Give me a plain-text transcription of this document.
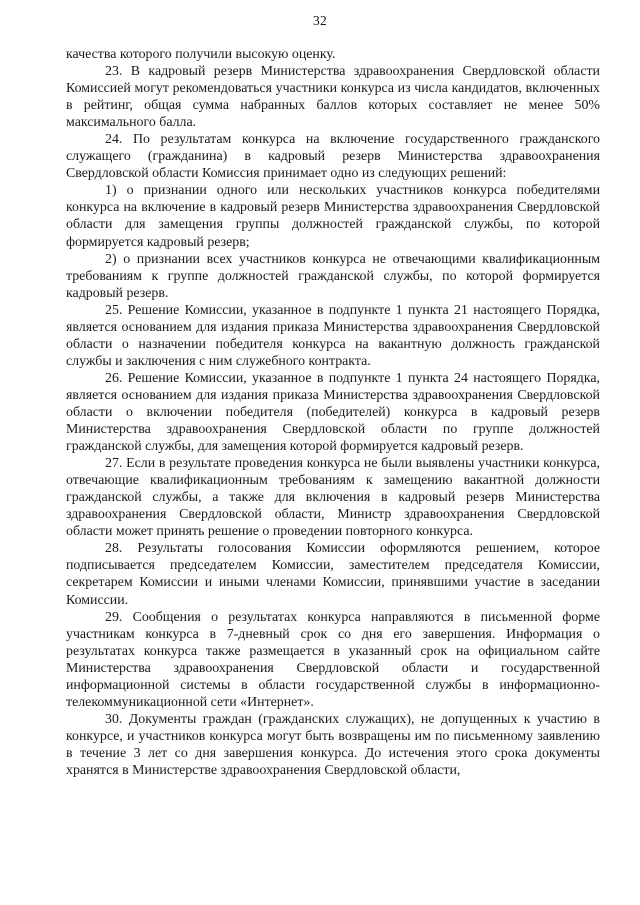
32

качества которого получили высокую оценку.

23. В кадровый резерв Министерства здравоохранения Свердловской области Комиссией могут рекомендоваться участники конкурса из числа кандидатов, включенных в рейтинг, общая сумма набранных баллов которых составляет не менее 50% максимального балла.

24. По результатам конкурса на включение государственного гражданского служащего (гражданина) в кадровый резерв Министерства здравоохранения Свердловской области Комиссия принимает одно из следующих решений:

1) о признании одного или нескольких участников конкурса победителями конкурса на включение в кадровый резерв Министерства здравоохранения Свердловской области для замещения группы должностей гражданской службы, по которой формируется кадровый резерв;

2) о признании всех участников конкурса не отвечающими квалификационным требованиям к группе должностей гражданской службы, по которой формируется кадровый резерв.

25. Решение Комиссии, указанное в подпункте 1 пункта 21 настоящего Порядка, является основанием для издания приказа Министерства здравоохранения Свердловской области о назначении победителя конкурса на вакантную должность гражданской службы и заключения с ним служебного контракта.

26. Решение Комиссии, указанное в подпункте 1 пункта 24 настоящего Порядка, является основанием для издания приказа Министерства здравоохранения Свердловской области о включении победителя (победителей) конкурса в кадровый резерв Министерства здравоохранения Свердловской области по группе должностей гражданской службы, для замещения которой формируется кадровый резерв.

27. Если в результате проведения конкурса не были выявлены участники конкурса, отвечающие квалификационным требованиям к замещению вакантной должности гражданской службы, а также для включения в кадровый резерв Министерства здравоохранения Свердловской области, Министр здравоохранения Свердловской области может принять решение о проведении повторного конкурса.

28. Результаты голосования Комиссии оформляются решением, которое подписывается председателем Комиссии, заместителем председателя Комиссии, секретарем Комиссии и иными членами Комиссии, принявшими участие в заседании Комиссии.

29. Сообщения о результатах конкурса направляются в письменной форме участникам конкурса в 7-дневный срок со дня его завершения. Информация о результатах конкурса также размещается в указанный срок на официальном сайте Министерства здравоохранения Свердловской области и государственной информационной системы в области государственной службы в информационно-телекоммуникационной сети «Интернет».

30. Документы граждан (гражданских служащих), не допущенных к участию в конкурсе, и участников конкурса могут быть возвращены им по письменному заявлению в течение 3 лет со дня завершения конкурса. До истечения этого срока документы хранятся в Министерстве здравоохранения Свердловской области,
